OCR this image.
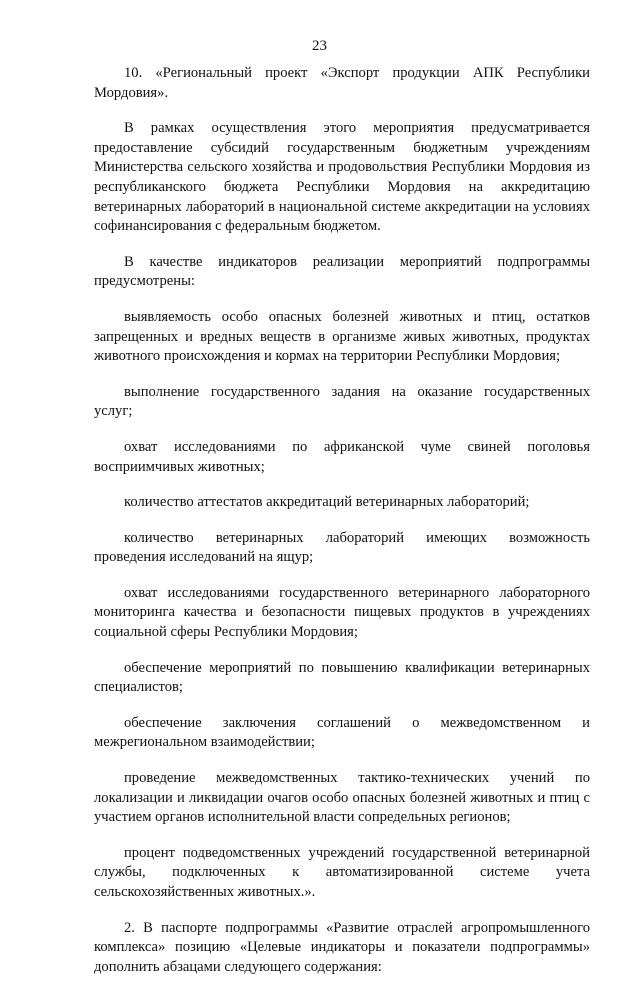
23

10. «Региональный проект «Экспорт продукции АПК Республики Мордовия».

В рамках осуществления этого мероприятия предусматривается предоставление субсидий государственным бюджетным учреждениям Министерства сельского хозяйства и продовольствия Республики Мордовия из республиканского бюджета Республики Мордовия на аккредитацию ветеринарных лабораторий в национальной системе аккредитации на условиях софинансирования с федеральным бюджетом.

В качестве индикаторов реализации мероприятий подпрограммы предусмотрены:

выявляемость особо опасных болезней животных и птиц, остатков запрещенных и вредных веществ в организме живых животных, продуктах животного происхождения и кормах на территории Республики Мордовия;

выполнение государственного задания на оказание государственных услуг;

охват исследованиями по африканской чуме свиней поголовья восприимчивых животных;

количество аттестатов аккредитаций ветеринарных лабораторий;

количество ветеринарных лабораторий имеющих возможность проведения исследований на ящур;

охват исследованиями государственного ветеринарного лабораторного мониторинга качества и безопасности пищевых продуктов в учреждениях социальной сферы Республики Мордовия;

обеспечение мероприятий по повышению квалификации ветеринарных специалистов;

обеспечение заключения соглашений о межведомственном и межрегиональном взаимодействии;

проведение межведомственных тактико-технических учений по локализации и ликвидации очагов особо опасных болезней животных и птиц с участием органов исполнительной власти сопредельных регионов;

процент подведомственных учреждений государственной ветеринарной службы, подключенных к автоматизированной системе учета сельскохозяйственных животных.».

2. В паспорте подпрограммы «Развитие отраслей агропромышленного комплекса» позицию «Целевые индикаторы и показатели подпрограммы» дополнить абзацами следующего содержания:
